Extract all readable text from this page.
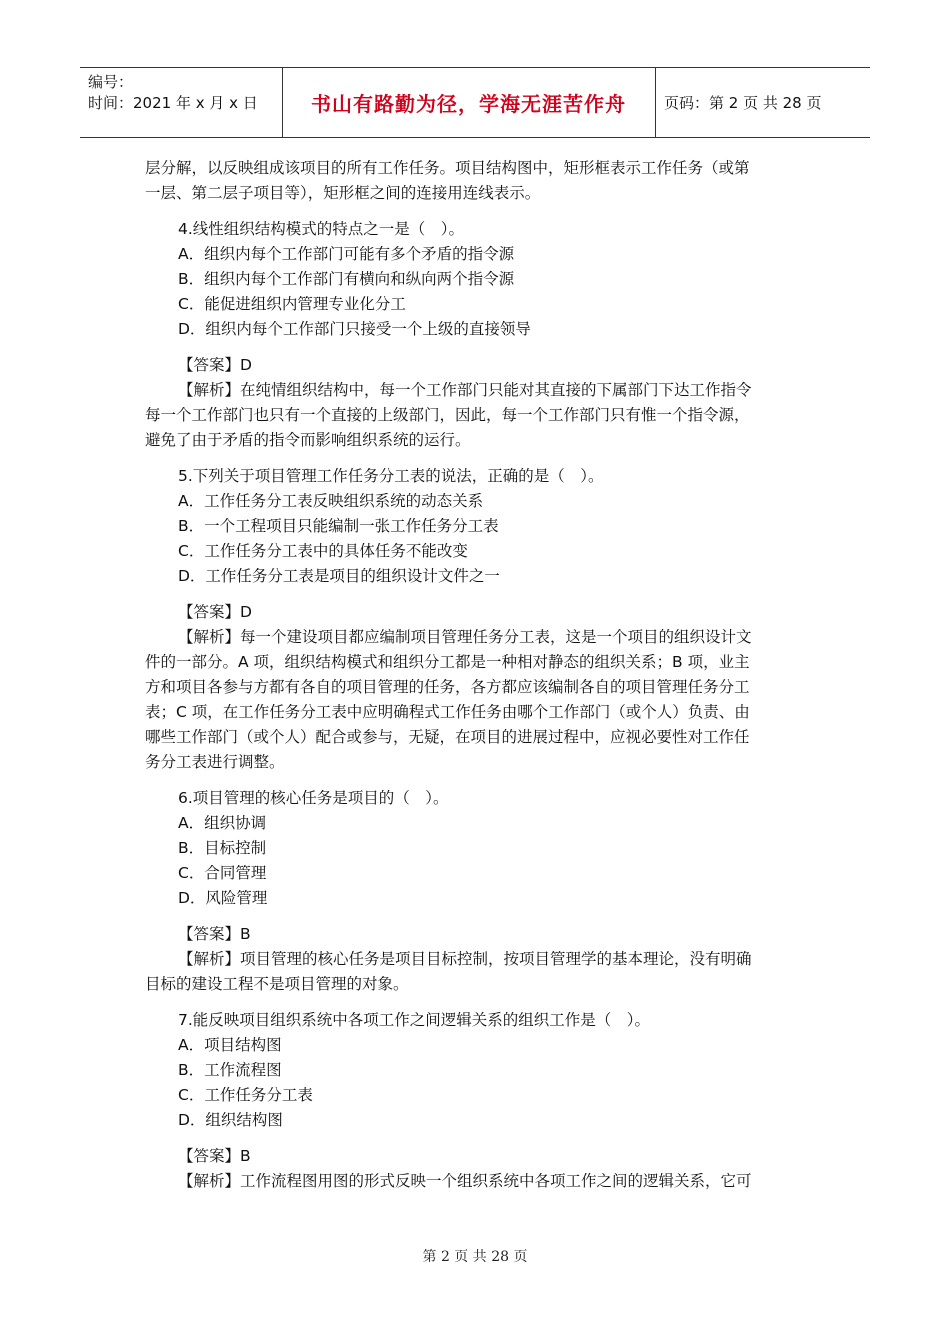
编号：
时间：2021 年 x 月 x 日	书山有路勤为径，学海无涯苦作舟	页码：第 2 页 共 28 页

层分解，以反映组成该项目的所有工作任务。项目结构图中，矩形框表示工作任务（或第

一层、第二层子项目等），矩形框之间的连接用连线表示。

4.线性组织结构模式的特点之一是（　）。

A．组织内每个工作部门可能有多个矛盾的指令源

B．组织内每个工作部门有横向和纵向两个指令源

C．能促进组织内管理专业化分工

D．组织内每个工作部门只接受一个上级的直接领导

【答案】D

【解析】在纯情组织结构中，每一个工作部门只能对其直接的下属部门下达工作指令

每一个工作部门也只有一个直接的上级部门，因此，每一个工作部门只有惟一个指令源，

避免了由于矛盾的指令而影响组织系统的运行。

5.下列关于项目管理工作任务分工表的说法，正确的是（　）。

A．工作任务分工表反映组织系统的动态关系

B．一个工程项目只能编制一张工作任务分工表

C．工作任务分工表中的具体任务不能改变

D．工作任务分工表是项目的组织设计文件之一

【答案】D

【解析】每一个建设项目都应编制项目管理任务分工表，这是一个项目的组织设计文

件的一部分。A 项，组织结构模式和组织分工都是一种相对静态的组织关系；B 项，业主

方和项目各参与方都有各自的项目管理的任务，各方都应该编制各自的项目管理任务分工

表；C 项，在工作任务分工表中应明确程式工作任务由哪个工作部门（或个人）负责、由

哪些工作部门（或个人）配合或参与，无疑，在项目的进展过程中，应视必要性对工作任

务分工表进行调整。

6.项目管理的核心任务是项目的（　）。

A．组织协调

B．目标控制

C．合同管理

D．风险管理

【答案】B

【解析】项目管理的核心任务是项目目标控制，按项目管理学的基本理论，没有明确

目标的建设工程不是项目管理的对象。

7.能反映项目组织系统中各项工作之间逻辑关系的组织工作是（　）。

A．项目结构图

B．工作流程图

C．工作任务分工表

D．组织结构图

【答案】B

【解析】工作流程图用图的形式反映一个组织系统中各项工作之间的逻辑关系，它可

第 2 页 共 28 页
